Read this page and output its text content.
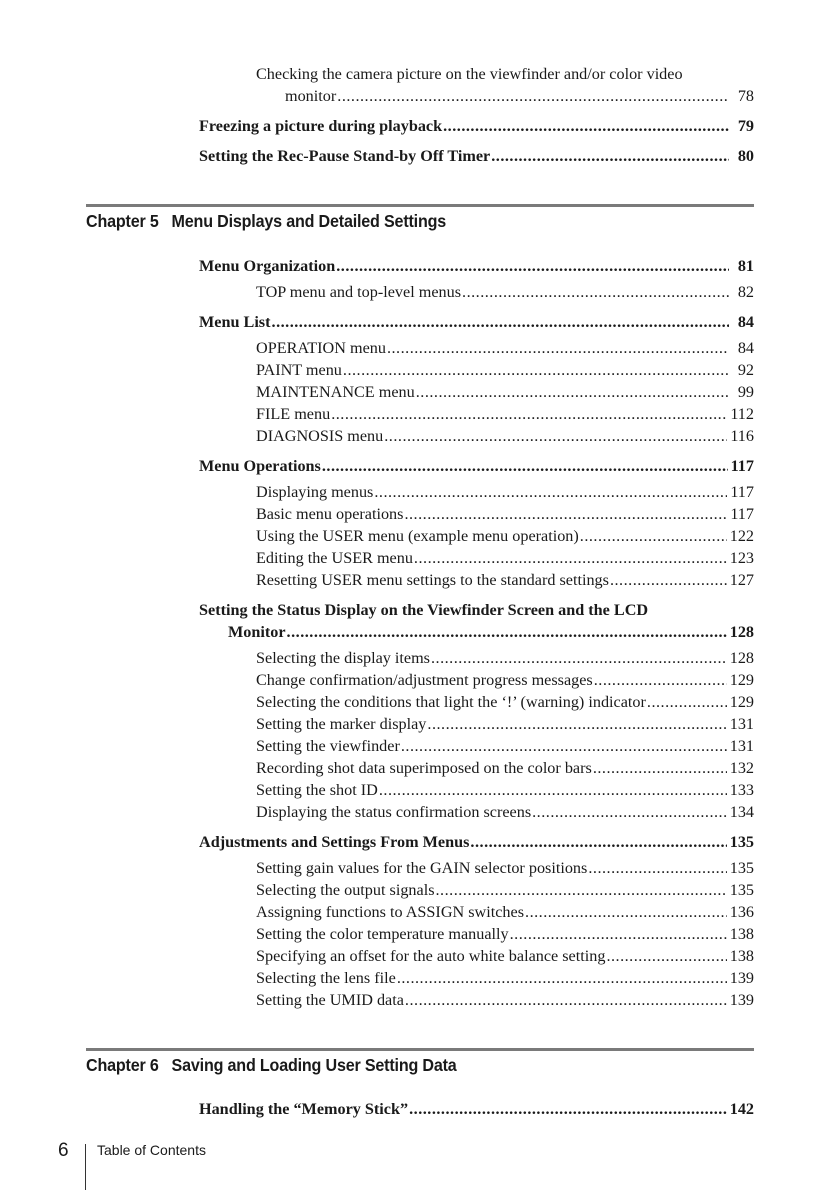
Chapter 5 Menu Displays and Detailed Settings
Chapter 6 Saving and Loading User Setting Data
Checking the camera picture on the viewfinder and/or color video
monitor .....	78
Freezing a picture during playback .....	79
Setting the Rec-Pause Stand-by Off Timer .....	80
Menu Organization .....	81
TOP menu and top-level menus .....	82
Menu List .....	84
OPERATION menu .....	84
PAINT menu .....	92
MAINTENANCE menu .....	99
FILE menu .....	112
DIAGNOSIS menu .....	116
Menu Operations .....	117
Displaying menus .....	117
Basic menu operations .....	117
Using the USER menu (example menu operation) .....	122
Editing the USER menu .....	123
Resetting USER menu settings to the standard settings .....	127
Setting the Status Display on the Viewfinder Screen and the LCD
Monitor .....	128
Selecting the display items .....	128
Change confirmation/adjustment progress messages .....	129
Selecting the conditions that light the ‘!’ (warning) indicator .....	129
Setting the marker display .....	131
Setting the viewfinder .....	131
Recording shot data superimposed on the color bars .....	132
Setting the shot ID .....	133
Displaying the status confirmation screens .....	134
Adjustments and Settings From Menus .....	135
Setting gain values for the GAIN selector positions .....	135
Selecting the output signals .....	135
Assigning functions to ASSIGN switches .....	136
Setting the color temperature manually .....	138
Specifying an offset for the auto white balance setting .....	138
Selecting the lens file .....	139
Setting the UMID data .....	139
Handling the “Memory Stick” .....	142
6 Table of Contents
